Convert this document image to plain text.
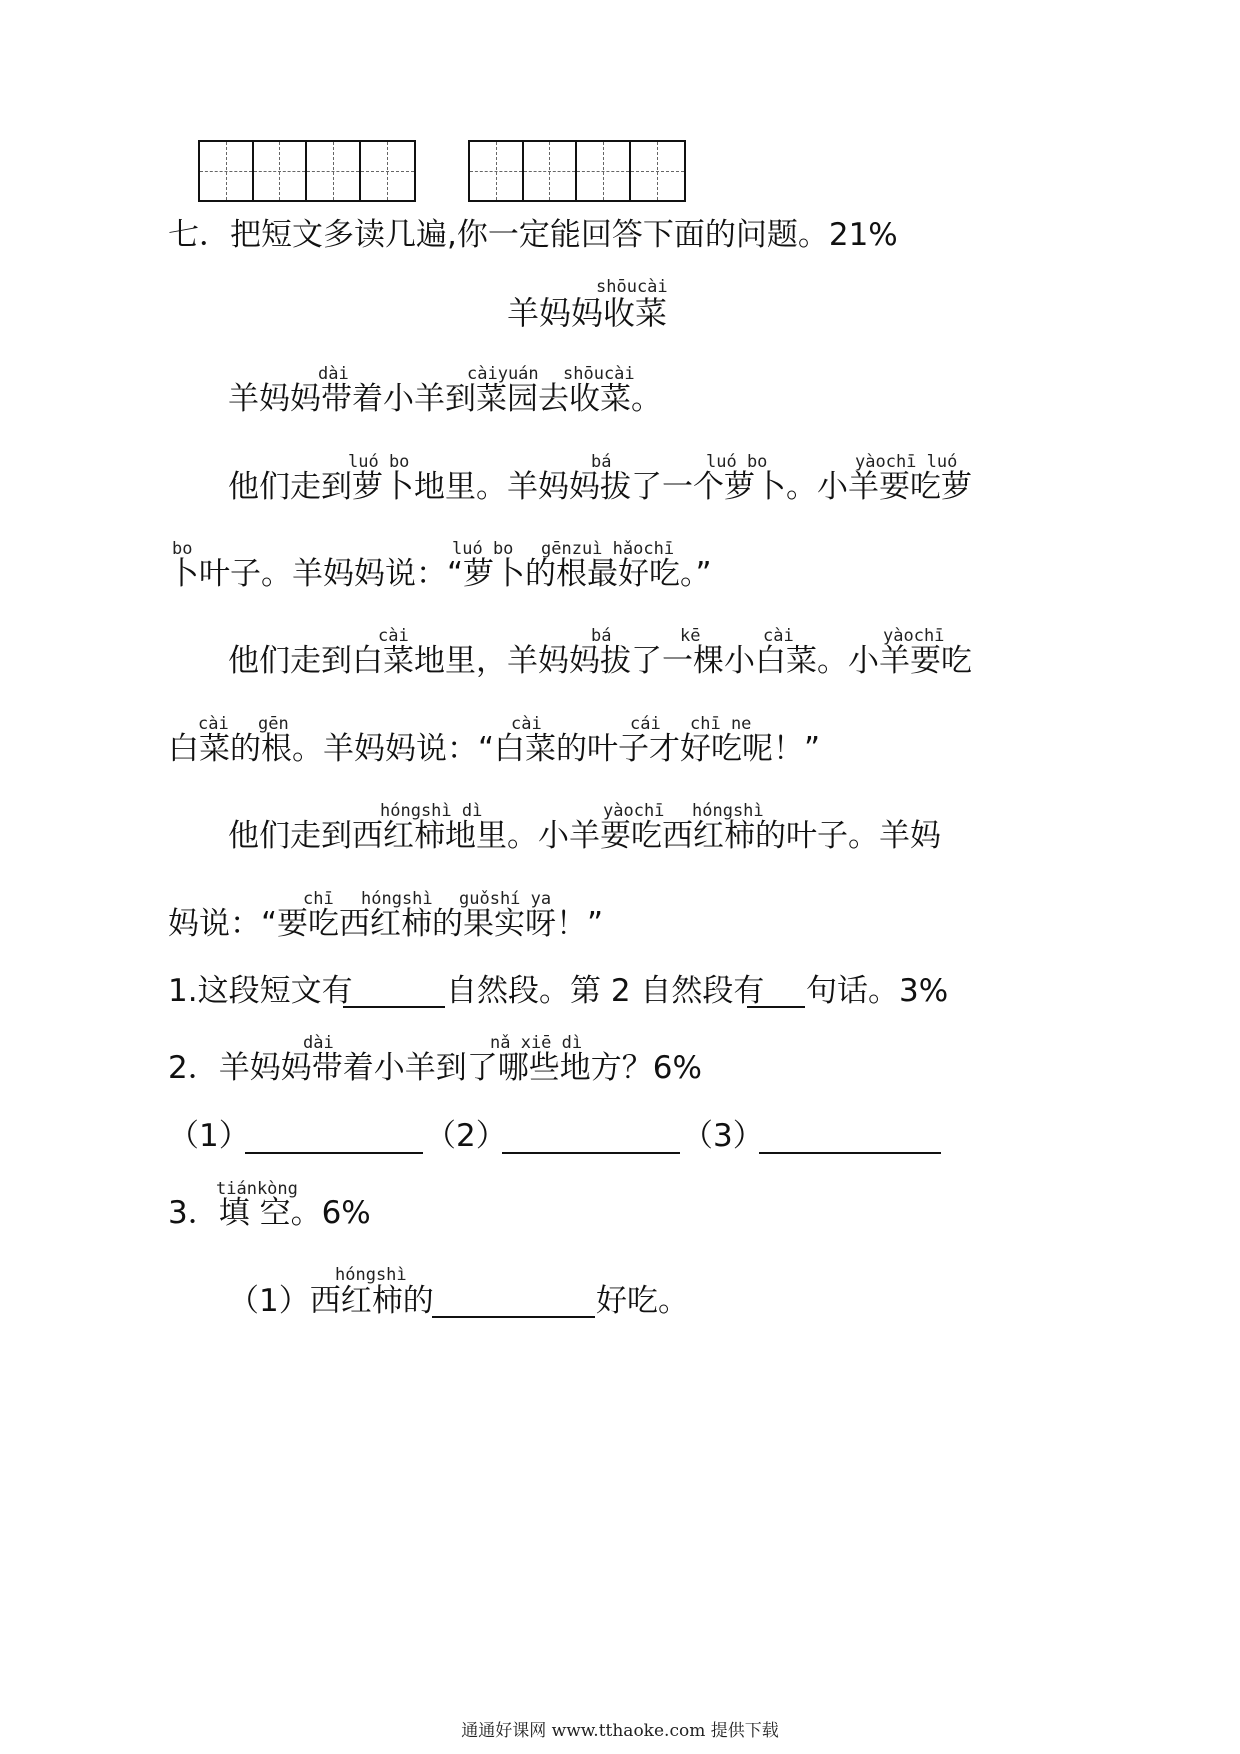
七．把短文多读几遍,你一定能回答下面的问题。21%
shōucài
羊妈妈收菜
dài	càiyuán shōucài
羊妈妈带着小羊到菜园去收菜。
luó bo	bá	luó bo	yàochī luó
他们走到萝卜地里。羊妈妈拔了一个萝卜。小羊要吃萝
bo	luó bo gēnzuì hǎochī
卜叶子。羊妈妈说：“萝卜的根最好吃。”
cài	bá	kē	cài	yàochī
他们走到白菜地里，羊妈妈拔了一棵小白菜。小羊要吃
cài gēn	cài	cái chī ne
白菜的根。羊妈妈说：“白菜的叶子才好吃呢！”
hóngshì dì	yàochī hóngshì
他们走到西红柿地里。小羊要吃西红柿的叶子。羊妈
chī hóngshì guǒshí ya
妈说：“要吃西红柿的果实呀！”
1.这段短文有	自然段。第 2 自然段有 句话。3%
dài	nǎ xiē dì
2．羊妈妈带着小羊到了哪些地方？6%
（1）	（2）	（3）
tiánkòng
3．填 空。6%
hóngshì
（1）西红柿的	好吃。
通通好课网 www.tthaoke.com 提供下载
